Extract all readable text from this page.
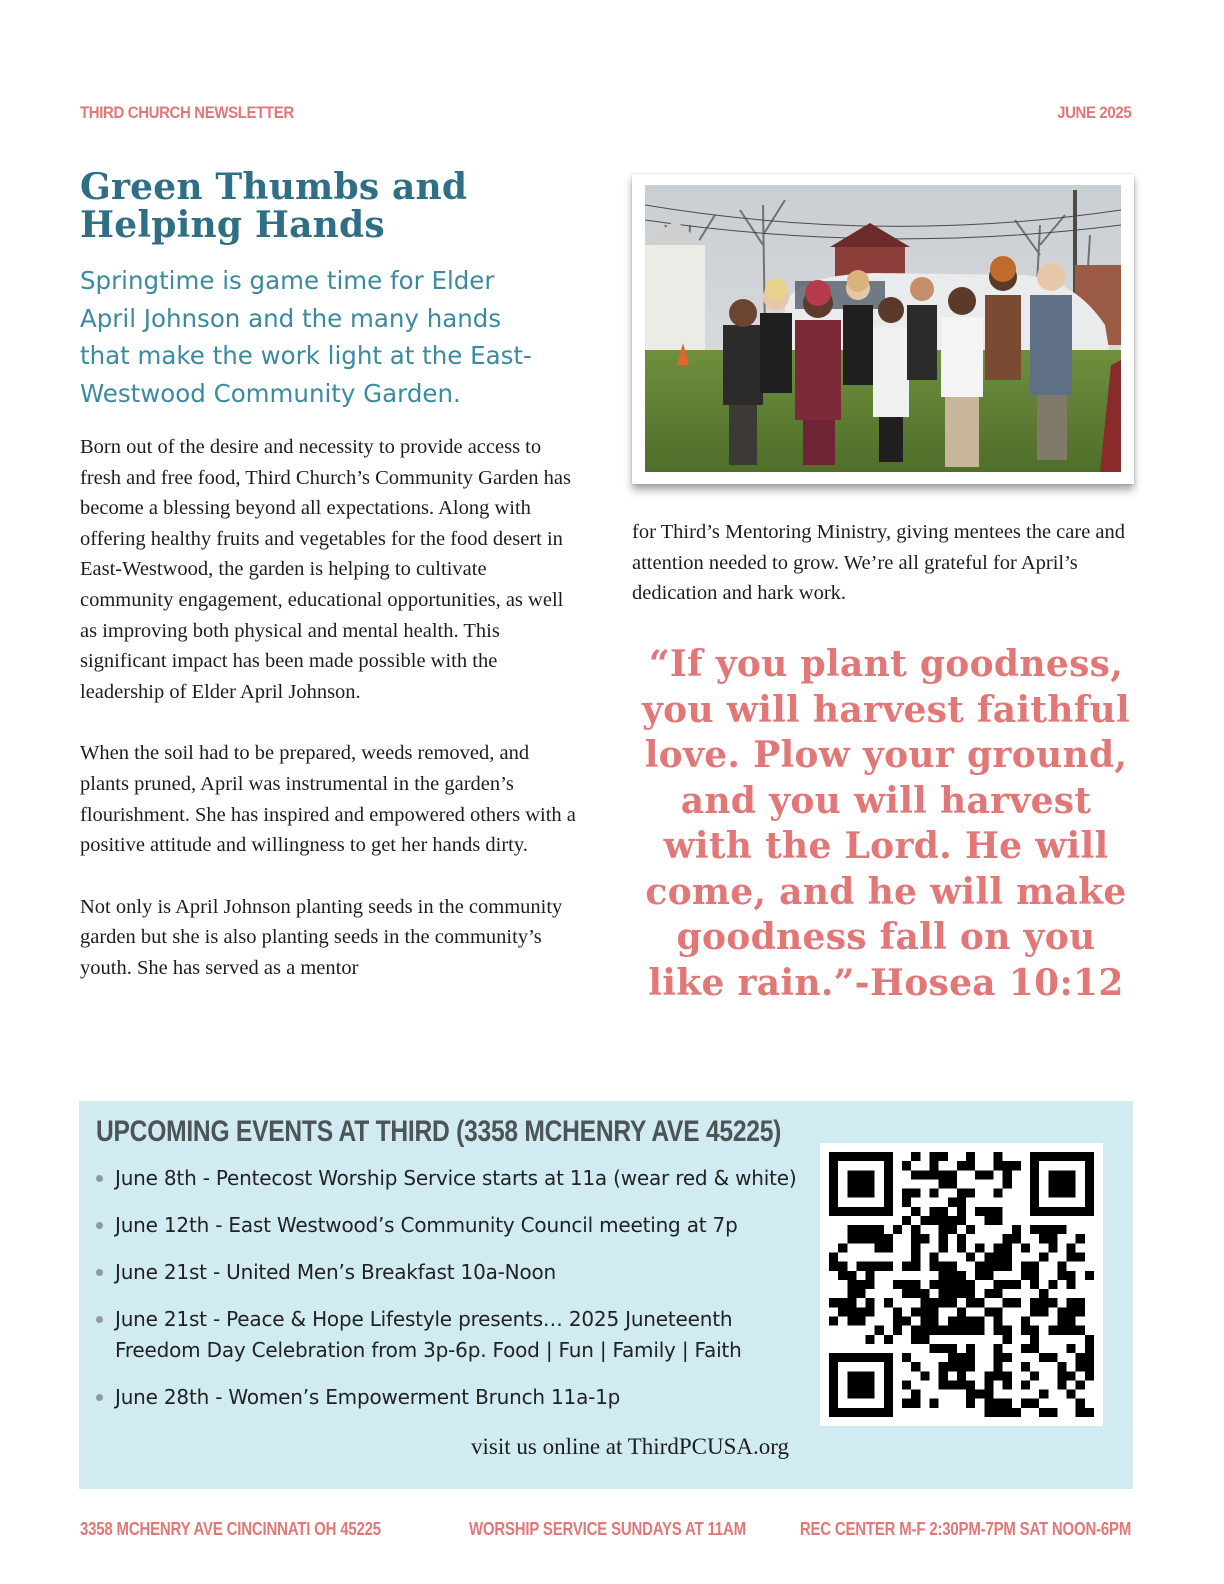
THIRD CHURCH NEWSLETTER	JUNE 2025
Green Thumbs and Helping Hands
Springtime is game time for Elder April Johnson and the many hands that make the work light at the East-Westwood Community Garden.

Born out of the desire and necessity to provide access to fresh and free food, Third Church’s Community Garden has become a blessing beyond all expectations. Along with offering healthy fruits and vegetables for the food desert in East-Westwood, the garden is helping to cultivate community engagement, educational opportunities, as well as improving both physical and mental health. This significant impact has been made possible with the leadership of Elder April Johnson.

When the soil had to be prepared, weeds removed, and plants pruned, April was instrumental in the garden’s flourishment. She has inspired and empowered others with a positive attitude and willingness to get her hands dirty.

Not only is April Johnson planting seeds in the community garden but she is also planting seeds in the community’s youth. She has served as a mentor

for Third’s Mentoring Ministry, giving mentees the care and attention needed to grow. We’re all grateful for April’s dedication and hark work.

“If you plant goodness, you will harvest faithful love. Plow your ground, and you will harvest with the Lord. He will come, and he will make goodness fall on you like rain.”-Hosea 10:12
UPCOMING EVENTS AT THIRD (3358 MCHENRY AVE 45225)
June 8th - Pentecost Worship Service starts at 11a (wear red & white)
June 12th - East Westwood’s Community Council meeting at 7p
June 21st - United Men’s Breakfast 10a-Noon
June 21st - Peace & Hope Lifestyle presents… 2025 Juneteenth Freedom Day Celebration from 3p-6p. Food | Fun | Family | Faith
June 28th - Women’s Empowerment Brunch 11a-1p
visit us online at ThirdPCUSA.org
3358 MCHENRY AVE CINCINNATI OH 45225	WORSHIP SERVICE SUNDAYS AT 11AM	REC CENTER M-F 2:30PM-7PM SAT NOON-6PM
